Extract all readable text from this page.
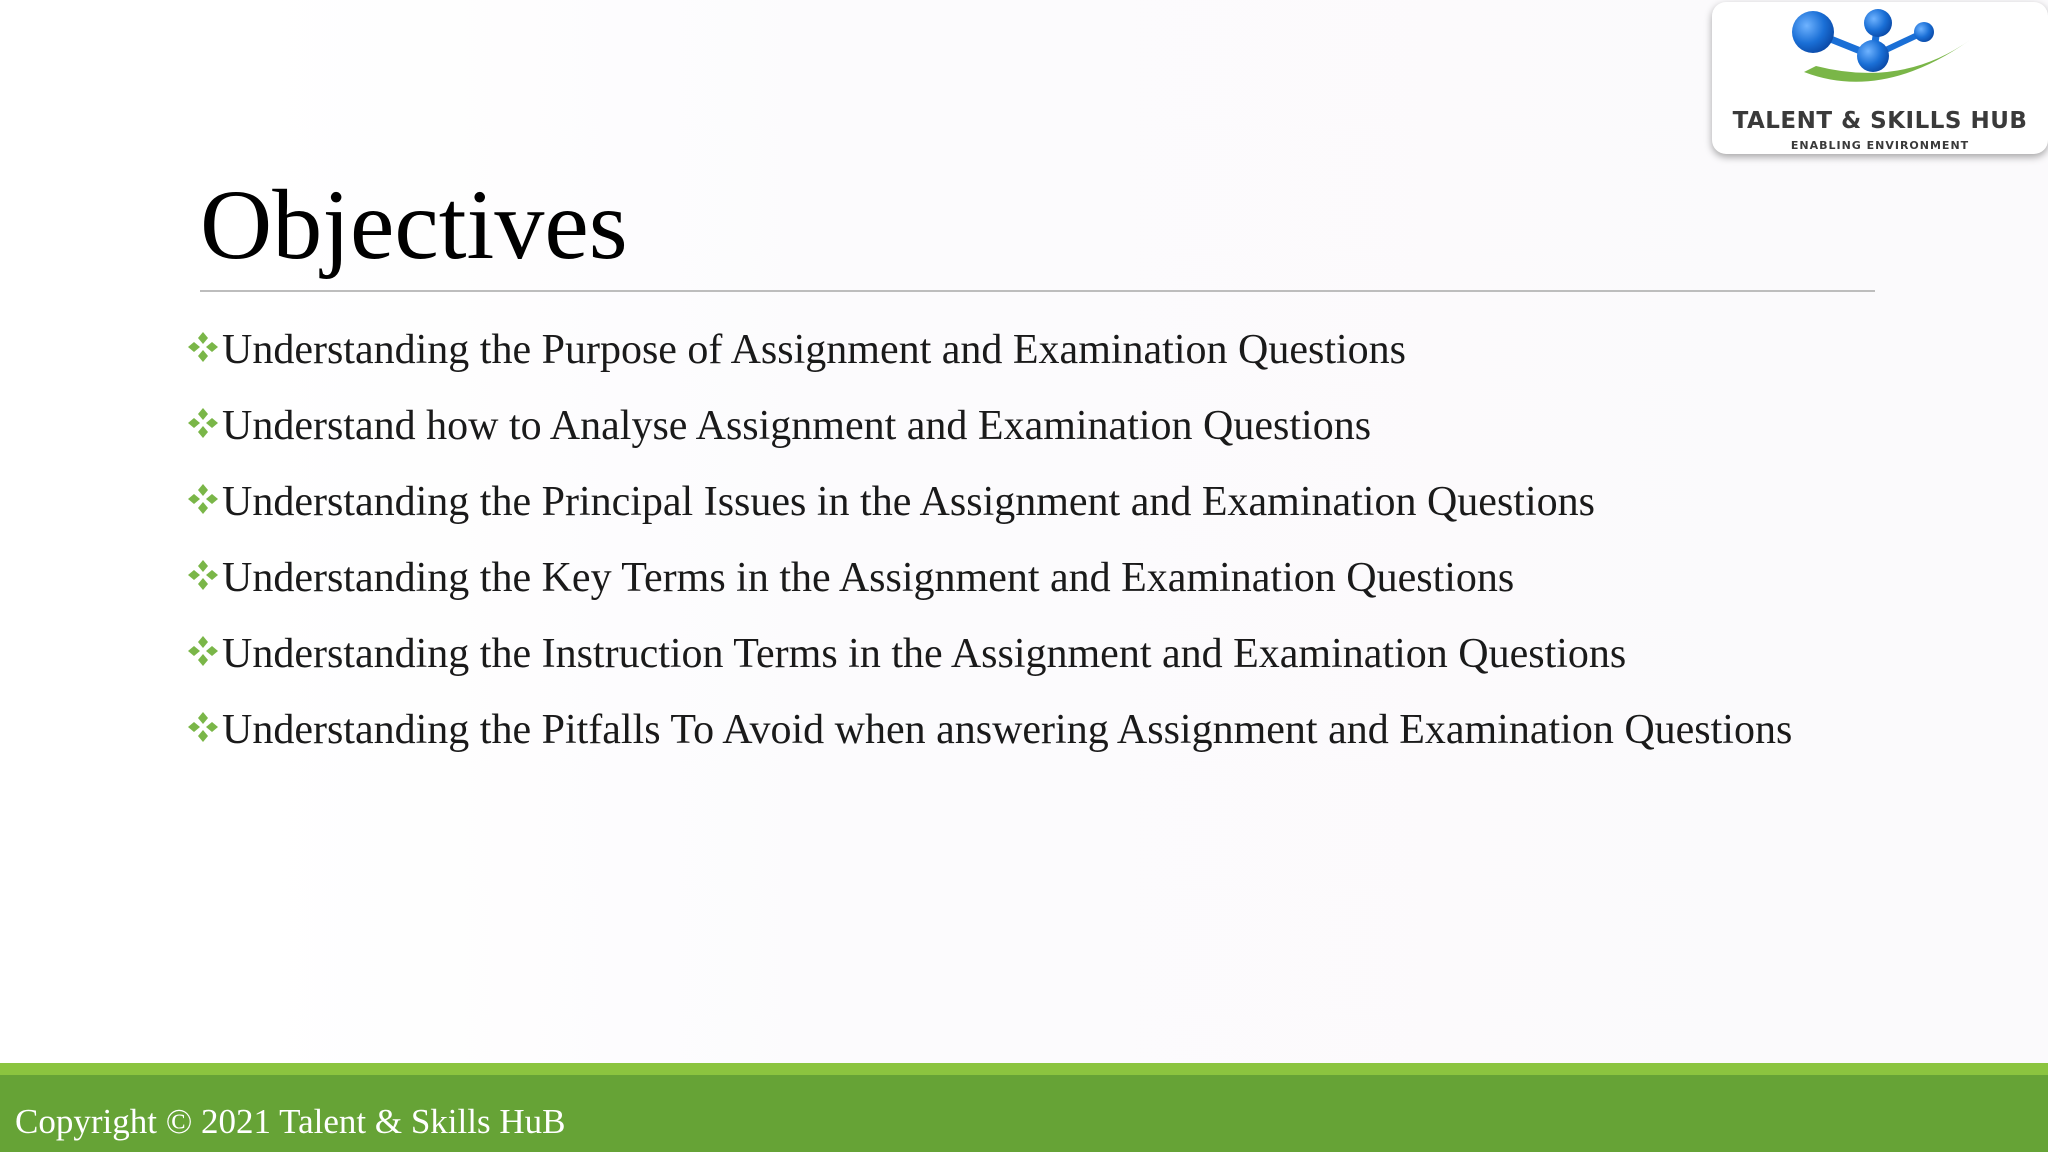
TALENT & SKILLS HUB
ENABLING ENVIRONMENT
Objectives
Understanding the Purpose of Assignment and Examination Questions
Understand how to Analyse Assignment and Examination Questions
Understanding the Principal Issues in the Assignment and Examination Questions
Understanding the Key Terms in the Assignment and Examination Questions
Understanding the Instruction Terms in the Assignment and Examination Questions
Understanding the Pitfalls To Avoid when answering Assignment and Examination Questions
Copyright © 2021 Talent & Skills HuB
